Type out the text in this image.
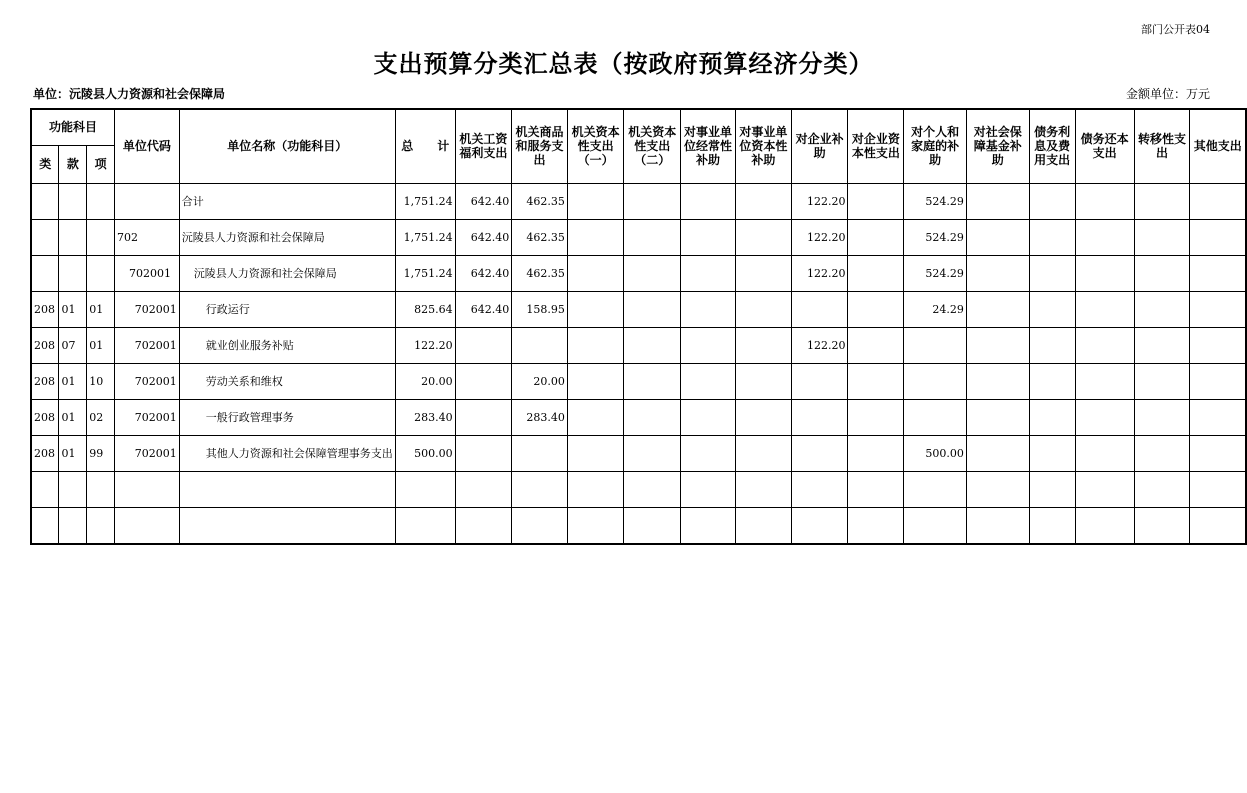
部门公开表04
支出预算分类汇总表（按政府预算经济分类）
单位：沅陵县人力资源和社会保障局	金额单位：万元
功能科目			单位代码	单位名称（功能科目）	总　　计	机关工资福利支出	机关商品和服务支出	机关资本性支出（一）	机关资本性支出（二）	对事业单位经常性补助	对事业单位资本性补助	对企业补助	对企业资本性支出	对个人和家庭的补助	对社会保障基金补助	债务利息及费用支出	债务还本支出	转移性支出	其他支出
类	款	项																	
				合计	1,751.24	642.40	462.35					122.20		524.29					
			702	沅陵县人力资源和社会保障局	1,751.24	642.40	462.35					122.20		524.29					
			702001	沅陵县人力资源和社会保障局	1,751.24	642.40	462.35					122.20		524.29					
208	01	01	702001	行政运行	825.64	642.40	158.95							24.29					
208	07	01	702001	就业创业服务补贴	122.20							122.20							
208	01	10	702001	劳动关系和维权	20.00		20.00												
208	01	02	702001	一般行政管理事务	283.40		283.40												
208	01	99	702001	其他人力资源和社会保障管理事务支出	500.00									500.00					
